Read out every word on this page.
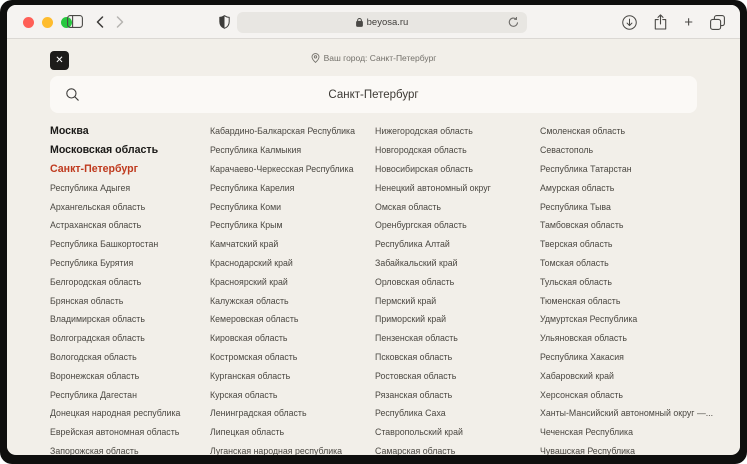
beyosa.ru	+
✕	Ваш город: Санкт-Петербург
Санкт-Петербург
Москва
Московская область
Санкт-Петербург
Республика Адыгея
Архангельская область
Астраханская область
Республика Башкортостан
Республика Бурятия
Белгородская область
Брянская область
Владимирская область
Волгоградская область
Вологодская область
Воронежская область
Республика Дагестан
Донецкая народная республика
Еврейская автономная область
Запорожская область
Кабардино-Балкарская Республика
Республика Калмыкия
Карачаево-Черкесская Республика
Республика Карелия
Республика Коми
Республика Крым
Камчатский край
Краснодарский край
Красноярский край
Калужская область
Кемеровская область
Кировская область
Костромская область
Курганская область
Курская область
Ленинградская область
Липецкая область
Луганская народная республика
Нижегородская область
Новгородская область
Новосибирская область
Ненецкий автономный округ
Омская область
Оренбургская область
Республика Алтай
Забайкальский край
Орловская область
Пермский край
Приморский край
Пензенская область
Псковская область
Ростовская область
Рязанская область
Республика Саха
Ставропольский край
Самарская область
Смоленская область
Севастополь
Республика Татарстан
Амурская область
Республика Тыва
Тамбовская область
Тверская область
Томская область
Тульская область
Тюменская область
Удмуртская Республика
Ульяновская область
Республика Хакасия
Хабаровский край
Херсонская область
Ханты-Мансийский автономный округ —...
Чеченская Республика
Чувашская Республика
